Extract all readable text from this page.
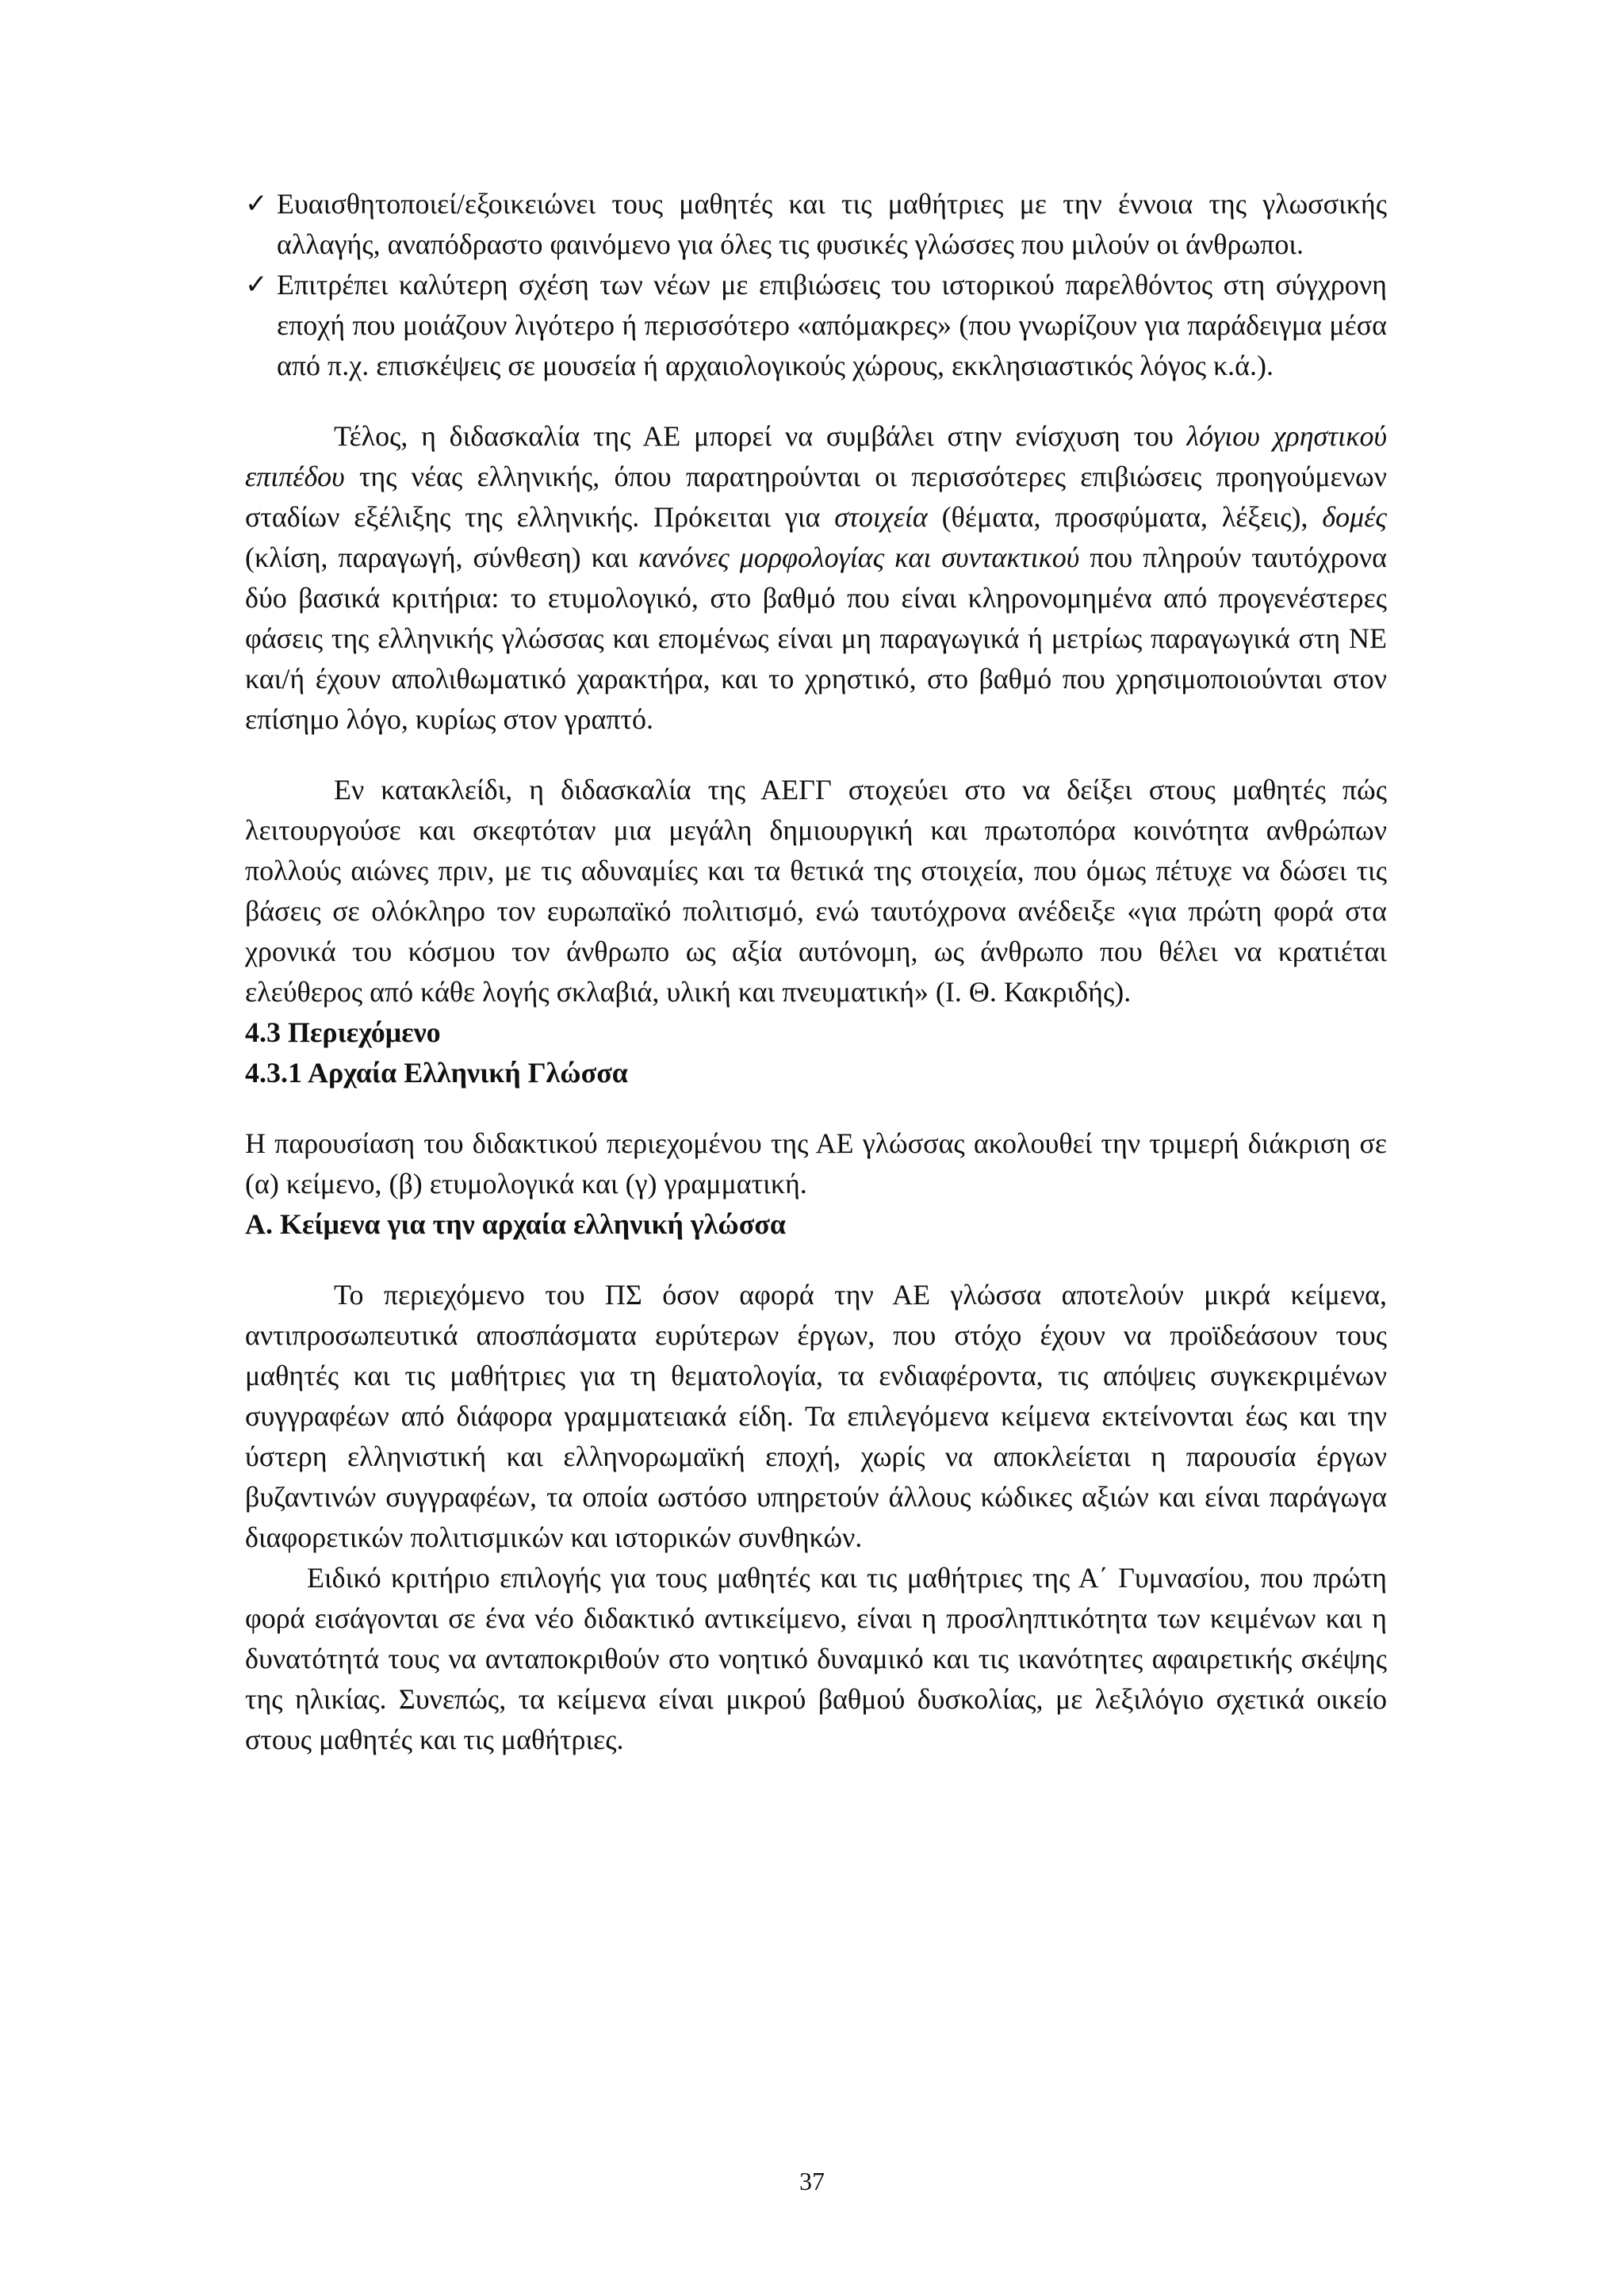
✓ Ευαισθητοποιεί/εξοικειώνει τους μαθητές και τις μαθήτριες με την έννοια της γλωσσικής αλλαγής, αναπόδραστο φαινόμενο για όλες τις φυσικές γλώσσες που μιλούν οι άνθρωποι.
✓ Επιτρέπει καλύτερη σχέση των νέων με επιβιώσεις του ιστορικού παρελθόντος στη σύγχρονη εποχή που μοιάζουν λιγότερο ή περισσότερο «απόμακρες» (που γνωρίζουν για παράδειγμα μέσα από π.χ. επισκέψεις σε μουσεία ή αρχαιολογικούς χώρους, εκκλησιαστικός λόγος κ.ά.).

Τέλος, η διδασκαλία της ΑΕ μπορεί να συμβάλει στην ενίσχυση του λόγιου χρηστικού επιπέδου της νέας ελληνικής, όπου παρατηρούνται οι περισσότερες επιβιώσεις προηγούμενων σταδίων εξέλιξης της ελληνικής. Πρόκειται για στοιχεία (θέματα, προσφύματα, λέξεις), δομές (κλίση, παραγωγή, σύνθεση) και κανόνες μορφολογίας και συντακτικού που πληρούν ταυτόχρονα δύο βασικά κριτήρια: το ετυμολογικό, στο βαθμό που είναι κληρονομημένα από προγενέστερες φάσεις της ελληνικής γλώσσας και επομένως είναι μη παραγωγικά ή μετρίως παραγωγικά στη ΝΕ και/ή έχουν απολιθωματικό χαρακτήρα, και το χρηστικό, στο βαθμό που χρησιμοποιούνται στον επίσημο λόγο, κυρίως στον γραπτό.

Εν κατακλείδι, η διδασκαλία της ΑΕΓΓ στοχεύει στο να δείξει στους μαθητές πώς λειτουργούσε και σκεφτόταν μια μεγάλη δημιουργική και πρωτοπόρα κοινότητα ανθρώπων πολλούς αιώνες πριν, με τις αδυναμίες και τα θετικά της στοιχεία, που όμως πέτυχε να δώσει τις βάσεις σε ολόκληρο τον ευρωπαϊκό πολιτισμό, ενώ ταυτόχρονα ανέδειξε «για πρώτη φορά στα χρονικά του κόσμου τον άνθρωπο ως αξία αυτόνομη, ως άνθρωπο που θέλει να κρατιέται ελεύθερος από κάθε λογής σκλαβιά, υλική και πνευματική» (Ι. Θ. Κακριδής).

4.3 Περιεχόμενο

4.3.1 Αρχαία Ελληνική Γλώσσα

Η παρουσίαση του διδακτικού περιεχομένου της ΑΕ γλώσσας ακολουθεί την τριμερή διάκριση σε (α) κείμενο, (β) ετυμολογικά και (γ) γραμματική.

Α. Κείμενα για την αρχαία ελληνική γλώσσα

Το περιεχόμενο του ΠΣ όσον αφορά την ΑΕ γλώσσα αποτελούν μικρά κείμενα, αντιπροσωπευτικά αποσπάσματα ευρύτερων έργων, που στόχο έχουν να προϊδεάσουν τους μαθητές και τις μαθήτριες για τη θεματολογία, τα ενδιαφέροντα, τις απόψεις συγκεκριμένων συγγραφέων από διάφορα γραμματειακά είδη. Τα επιλεγόμενα κείμενα εκτείνονται έως και την ύστερη ελληνιστική και ελληνορωμαϊκή εποχή, χωρίς να αποκλείεται η παρουσία έργων βυζαντινών συγγραφέων, τα οποία ωστόσο υπηρετούν άλλους κώδικες αξιών και είναι παράγωγα διαφορετικών πολιτισμικών και ιστορικών συνθηκών.

Ειδικό κριτήριο επιλογής για τους μαθητές και τις μαθήτριες της Α΄ Γυμνασίου, που πρώτη φορά εισάγονται σε ένα νέο διδακτικό αντικείμενο, είναι η προσληπτικότητα των κειμένων και η δυνατότητά τους να ανταποκριθούν στο νοητικό δυναμικό και τις ικανότητες αφαιρετικής σκέψης της ηλικίας. Συνεπώς, τα κείμενα είναι μικρού βαθμού δυσκολίας, με λεξιλόγιο σχετικά οικείο στους μαθητές και τις μαθήτριες.

37
